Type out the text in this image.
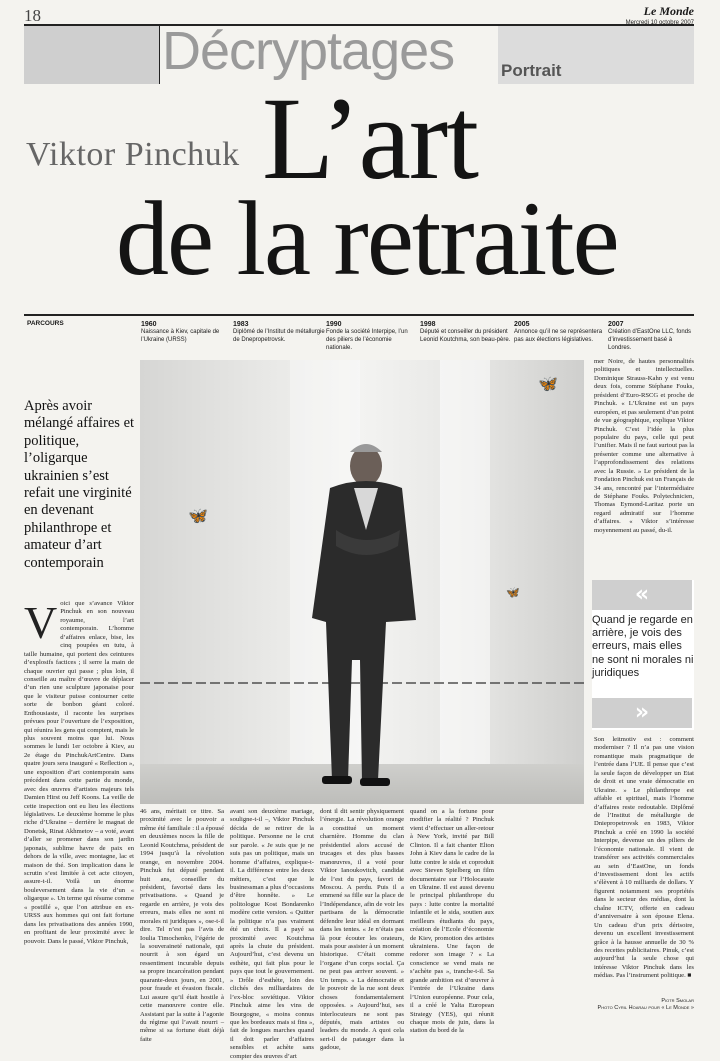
18	Le Monde
Mercredi 10 octobre 2007
Décryptages	Portrait
Viktor Pinchuk L’art
de la retraite
PARCOURS	1960
Naissance à Kiev, capitale de l’Ukraine (URSS)
1983
Diplômé de l’Institut de métallurgie de Dnepropetrovsk.
1990
Fonde la société Interpipe, l’un des piliers de l’économie nationale.
1998
Député et conseiller du président Leonid Koutchma, son beau-père.
2005
Annonce qu’il ne se représentera pas aux élections législatives.
2007
Création d’EastOne LLC, fonds d’investissement basé à Londres.
🦋
🦋
🦋
Après avoir mélangé affaires et politique, l’oligarque ukrainien s’est refait une virginité en devenant philanthrope et amateur d’art contemporain
Voici que s’avance Viktor Pinchuk en son nouveau royaume, l’art contemporain. L’homme d’affaires enlace, bise, les cinq poupées en tutu, à taille humaine, qui portent des ceintures d’explosifs factices ; il serre la main de chaque ouvrier qui passe ; plus loin, il conseille au maître d’œuvre de déplacer d’un rien une sculpture japonaise pour que le visiteur puisse contourner cette sorte de bonbon géant coloré. Enthousiaste, il raconte les surprises prévues pour l’ouverture de l’exposition, qui réunira les gens qui comptent, mais le plus souvent moins que lui. Nous sommes le lundi 1er octobre à Kiev, au 2e étage du PinchukArtCentre. Dans quatre jours sera inauguré « Reflection », une exposition d’art contemporain sans précédent dans cette partie du monde, avec des œuvres d’artistes majeurs tels Damien Hirst ou Jeff Koons. La veille de cette inspection ont eu lieu les élections législatives. Le deuxième homme le plus riche d’Ukraine – derrière le magnat de Donetsk, Rinat Akhmetov – a voté, avant d’aller se promener dans son jardin japonais, sublime havre de paix en dehors de la ville, avec montagne, lac et maison de thé. Son implication dans le scrutin s’est limitée à cet acte citoyen, assure-t-il. Voilà un énorme bouleversement dans la vie d’un « oligarque ». Un terme qui résume comme « postillé », que l’on attribue en ex-URSS aux hommes qui ont fait fortune dans les privatisations des années 1990, en profitant de leur proximité avec le pouvoir. Dans le passé, Viktor Pinchuk,
46 ans, méritait ce titre. Sa proximité avec le pouvoir a même été familiale : il a épousé en deuxièmes noces la fille de Leonid Koutchma, président de 1994 jusqu’à la révolution orange, en novembre 2004. Pinchuk fut député pendant huit ans, conseiller du président, favorisé dans les privatisations. « Quand je regarde en arrière, je vois des erreurs, mais elles ne sont ni morales ni juridiques », ose-t-il dire. Tel n’est pas l’avis de Ioulia Timochenko, l’égérie de la souveraineté nationale, qui nourrit à son égard un ressentiment incurable depuis sa propre incarcération pendant quarante-deux jours, en 2001, pour fraude et évasion fiscale. Lui assure qu’il était hostile à cette manœuvre contre elle. Assistant par la suite à l’agonie du régime qui l’avait nourri – même si sa fortune était déjà faite
avant son deuxième mariage, souligne-t-il –, Viktor Pinchuk décida de se retirer de la politique. Personne ne le crut sur parole. « Je suis que je ne suis pas un politique, mais un homme d’affaires, explique-t-il. La différence entre les deux métiers, c’est que le businessman a plus d’occasions d’être honnête. » Le politologue Kost Bondarenko modère cette version. « Quitter la politique n’a pas vraiment été un choix. Il a payé sa proximité avec Koutchma après la chute du président. Aujourd’hui, c’est devenu un esthète, qui fait plus pour le pays que tout le gouvernement. » Drôle d’esthète, loin des clichés des milliardaires de l’ex-bloc soviétique. Viktor Pinchuk aime les vins de Bourgogne, « moins connus que les bordeaux mais si fins », fait de longues marches quand il doit parler d’affaires sensibles et achète sans compter des œuvres d’art
dont il dit sentir physiquement l’énergie. La révolution orange a constitué un moment charnière. Homme du clan présidentiel alors accusé de trucages et des plus basses manœuvres, il a voté pour Viktor Ianoukovitch, candidat de l’est du pays, favori de Moscou. A perdu. Puis il a emmené sa fille sur la place de l’Indépendance, afin de voir les partisans de la démocratie défendre leur idéal en dormant dans les tentes. « Je n’étais pas là pour écouter les orateurs, mais pour assister à un moment historique. C’était comme l’organe d’un corps social. Ça ne peut pas arriver souvent. » Un temps. « La démocratie et le pouvoir de la rue sont deux choses fondamentalement opposées. » Aujourd’hui, ses interlocuteurs ne sont pas députés, mais artistes ou leaders du monde. A quoi cela sert-il de patauger dans la gadoue,
quand on a la fortune pour modifier la réalité ? Pinchuk vient d’effectuer un aller-retour à New York, invité par Bill Clinton. Il a fait chanter Elton John à Kiev dans le cadre de la lutte contre le sida et coproduit avec Steven Spielberg un film documentaire sur l’Holocauste en Ukraine. Il est aussi devenu le principal philanthrope du pays : lutte contre la mortalité infantile et le sida, soutien aux meilleurs étudiants du pays, création de l’Ecole d’économie de Kiev, promotion des artistes ukrainiens. Une façon de redorer son image ? « La conscience se vend mais ne s’achète pas », tranche-t-il. Sa grande ambition est d’œuvrer à l’entrée de l’Ukraine dans l’Union européenne. Pour cela, il a créé le Yalta European Strategy (YES), qui réunit chaque mois de juin, dans la station du bord de la
mer Noire, de hautes personnalités politiques et intellectuelles. Dominique Strauss-Kahn y est venu deux fois, comme Stéphane Fouks, président d’Euro-RSCG et proche de Pinchuk. « L’Ukraine est un pays européen, et pas seulement d’un point de vue géographique, explique Viktor Pinchuk. C’est l’idée la plus populaire du pays, celle qui peut l’unifier. Mais il ne faut surtout pas la présenter comme une alternative à l’approfondissement des relations avec la Russie. » Le président de la Fondation Pinchuk est un Français de 34 ans, rencontré par l’intermédiaire de Stéphane Fouks. Polytechnicien, Thomas Eymond-Laritaz porte un regard admiratif sur l’homme d’affaires. « Viktor s’intéresse moyennement au passé, du-il.
«
Quand je regarde en arrière, je vois des erreurs, mais elles ne sont ni morales ni juridiques
»
Son leitmotiv est : comment moderniser ? Il n’a pas une vision romantique mais pragmatique de l’entrée dans l’UE. Il pense que c’est la seule façon de développer un Etat de droit et une vraie démocratie en Ukraine. » Le philanthrope est affable et spirituel, mais l’homme d’affaires reste redoutable. Diplômé de l’Institut de métallurgie de Dniepropetrovsk en 1983, Viktor Pinchuk a créé en 1990 la société Interpipe, devenue un des piliers de l’économie nationale. Il vient de transférer ses activités commerciales au sein d’EastOne, un fonds d’investissement dont les actifs s’élèvent à 10 milliards de dollars. Y figurent notamment ses propriétés dans le secteur des médias, dont la chaîne ICTV, offerte en cadeau d’anniversaire à son épouse Elena. Un cadeau d’un prix dérisoire, devenu un excellent investissement grâce à la hausse annuelle de 30 % des recettes publicitaires. Pinuk, c’est aujourd’hui la seule chose qui intéresse Viktor Pinchuk dans les médias. Pas l’instrument politique. ■
Piotr Smolar
Photo Cyril Hoarau pour « Le Monde »
